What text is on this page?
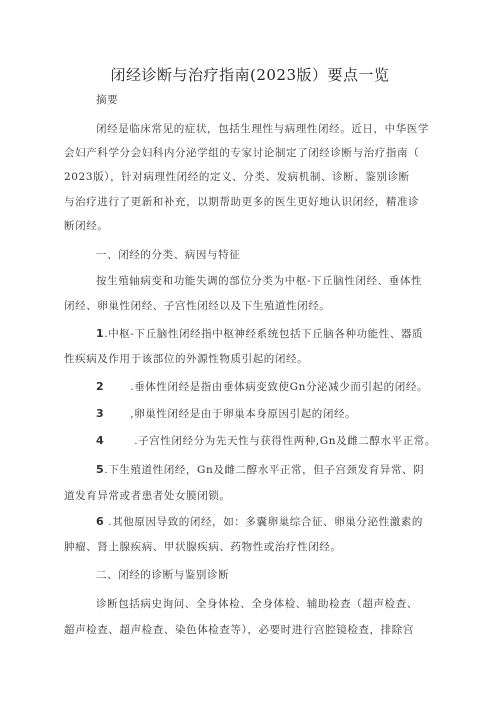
闭经诊断与治疗指南(2023版）要点一览
摘要
闭经是临床常见的症状，包括生理性与病理性闭经。近日，中华医学
会妇产科学分会妇科内分泌学组的专家讨论制定了闭经诊断与治疗指南（
2023版），针对病理性闭经的定义、分类、发病机制、诊断、鉴别诊断
与治疗进行了更新和补充，以期帮助更多的医生更好地认识闭经，精准诊
断闭经。
一、闭经的分类、病因与特征
按生殖轴病变和功能失调的部位分类为中枢-下丘脑性闭经、垂体性
闭经、卵巢性闭经、子宫性闭经以及下生殖道性闭经。
1.中枢-下丘脑性闭经指中枢神经系统包括下丘脑各种功能性、器质
性疾病及作用于该部位的外源性物质引起的闭经。
2 .垂体性闭经是指由垂体病变致使Gn分泌减少而引起的闭经。
3 ,卵巢性闭经是由于卵巢本身原因引起的闭经。
4	.子宫性闭经分为先天性与获得性两种,Gn及雌二醇水平正常。
5.下生殖道性闭经，Gn及雌二醇水平正常，但子宫颈发育异常、阴
道发育异常或者患者处女膜闭锁。
6 .其他原因导致的闭经，如：多囊卵巢综合征、卵巢分泌性激素的
肿瘤、肾上腺疾病、甲状腺疾病、药物性或治疗性闭经。
二、闭经的诊断与鉴别诊断
诊断包括病史询问、全身体检、全身体检、辅助检查（超声检查、
超声检查、超声检查、染色体检查等），必要时进行宫腔镜检查，排除宫
